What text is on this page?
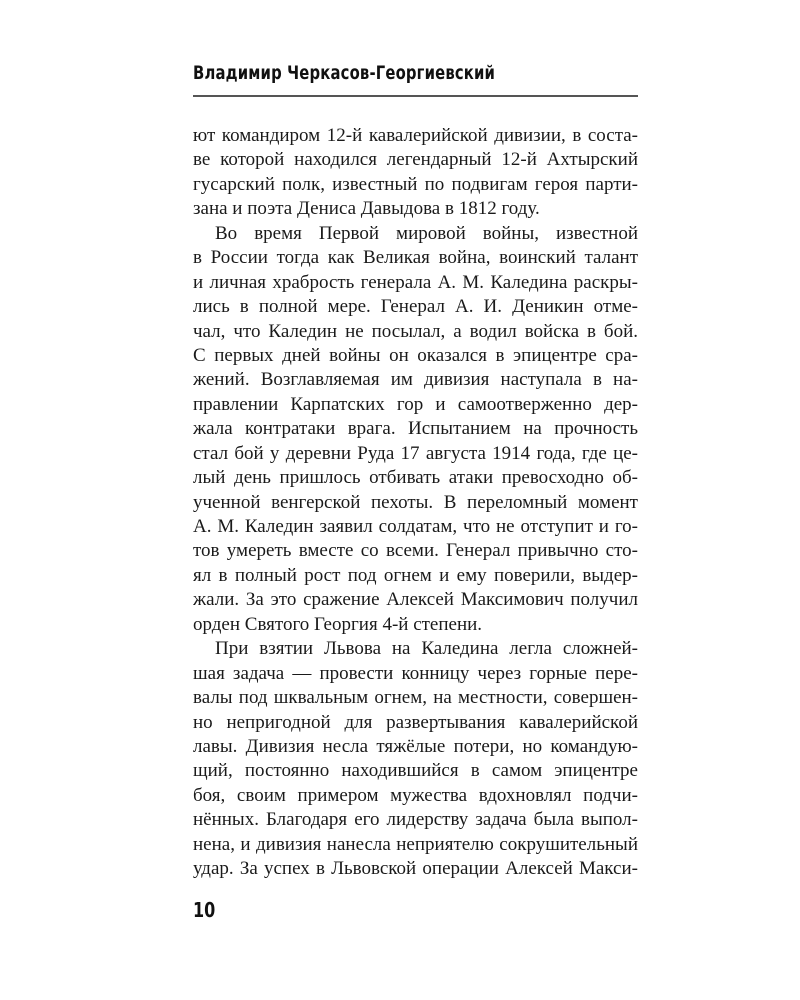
Владимир Черкасов-Георгиевский
ют командиром 12-й кавалерийской дивизии, в соста-
ве которой находился легендарный 12-й Ахтырский
гусарский полк, известный по подвигам героя парти-
зана и поэта Дениса Давыдова в 1812 году.
Во время Первой мировой войны, известной
в России тогда как Великая война, воинский талант
и личная храбрость генерала А. М. Каледина раскры-
лись в полной мере. Генерал А. И. Деникин отме-
чал, что Каледин не посылал, а водил войска в бой.
С первых дней войны он оказался в эпицентре сра-
жений. Возглавляемая им дивизия наступала в на-
правлении Карпатских гор и самоотверженно дер-
жала контратаки врага. Испытанием на прочность
стал бой у деревни Руда 17 августа 1914 года, где це-
лый день пришлось отбивать атаки превосходно об-
ученной венгерской пехоты. В переломный момент
А. М. Каледин заявил солдатам, что не отступит и го-
тов умереть вместе со всеми. Генерал привычно сто-
ял в полный рост под огнем и ему поверили, выдер-
жали. За это сражение Алексей Максимович получил
орден Святого Георгия 4-й степени.
При взятии Львова на Каледина легла сложней-
шая задача — провести конницу через горные пере-
валы под шквальным огнем, на местности, совершен-
но непригодной для развертывания кавалерийской
лавы. Дивизия несла тяжёлые потери, но командую-
щий, постоянно находившийся в самом эпицентре
боя, своим примером мужества вдохновлял подчи-
нённых. Благодаря его лидерству задача была выпол-
нена, и дивизия нанесла неприятелю сокрушительный
удар. За успех в Львовской операции Алексей Макси-
10
